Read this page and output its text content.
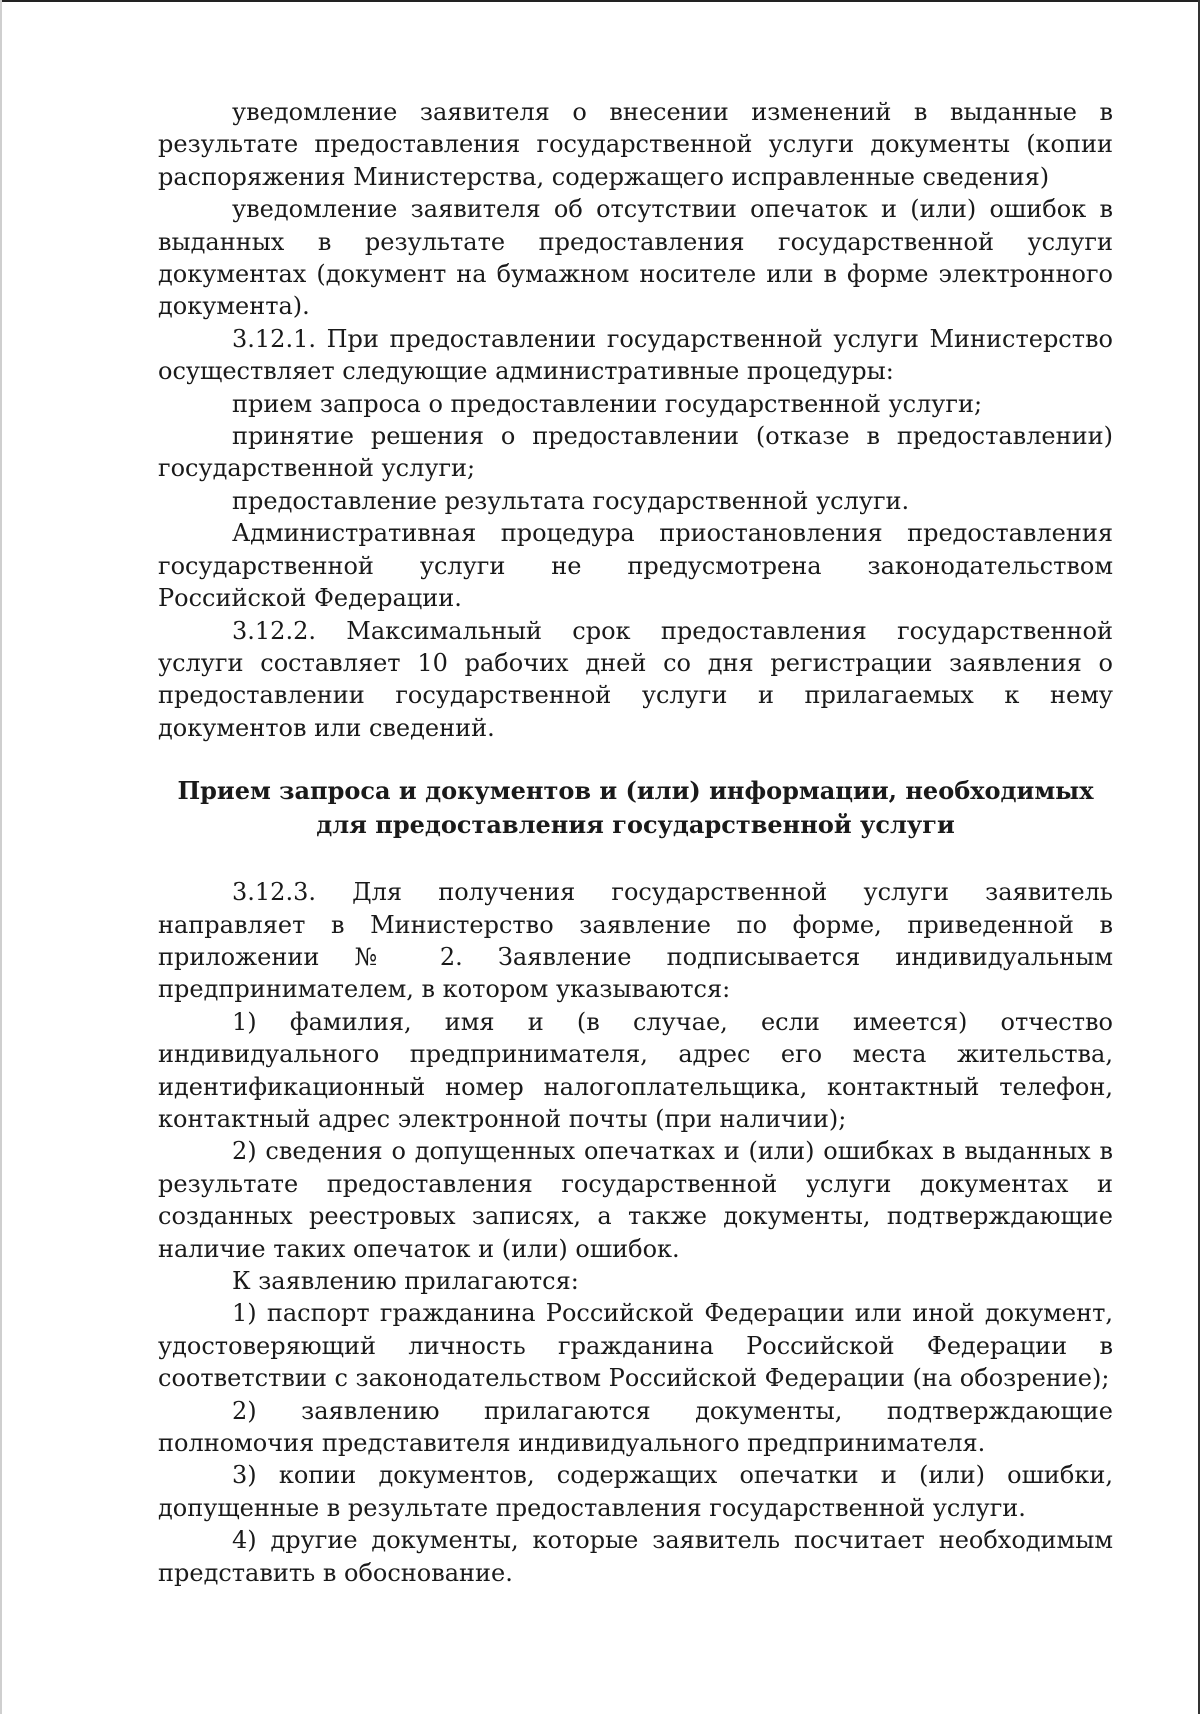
уведомление заявителя о внесении изменений в выданные в результате предоставления государственной услуги документы (копии распоряжения Министерства, содержащего исправленные сведения)

уведомление заявителя об отсутствии опечаток и (или) ошибок в выданных в результате предоставления государственной услуги документах (документ на бумажном носителе или в форме электронного документа).

3.12.1. При предоставлении государственной услуги Министерство осуществляет следующие административные процедуры:

прием запроса о предоставлении государственной услуги;

принятие решения о предоставлении (отказе в предоставлении) государственной услуги;

предоставление результата государственной услуги.

Административная процедура приостановления предоставления государственной услуги не предусмотрена законодательством Российской Федерации.

3.12.2. Максимальный срок предоставления государственной услуги составляет 10 рабочих дней со дня регистрации заявления о предоставлении государственной услуги и прилагаемых к нему документов или сведений.

Прием запроса и документов и (или) информации, необходимых для предоставления государственной услуги

3.12.3. Для получения государственной услуги заявитель направляет в Министерство заявление по форме, приведенной в приложении № 2. Заявление подписывается индивидуальным предпринимателем, в котором указываются:

1) фамилия, имя и (в случае, если имеется) отчество индивидуального предпринимателя, адрес его места жительства, идентификационный номер налогоплательщика, контактный телефон, контактный адрес электронной почты (при наличии);

2) сведения о допущенных опечатках и (или) ошибках в выданных в результате предоставления государственной услуги документах и созданных реестровых записях, а также документы, подтверждающие наличие таких опечаток и (или) ошибок.

К заявлению прилагаются:

1) паспорт гражданина Российской Федерации или иной документ, удостоверяющий личность гражданина Российской Федерации в соответствии с законодательством Российской Федерации (на обозрение);

2) заявлению прилагаются документы, подтверждающие полномочия представителя индивидуального предпринимателя.

3) копии документов, содержащих опечатки и (или) ошибки, допущенные в результате предоставления государственной услуги.

4) другие документы, которые заявитель посчитает необходимым представить в обоснование.
